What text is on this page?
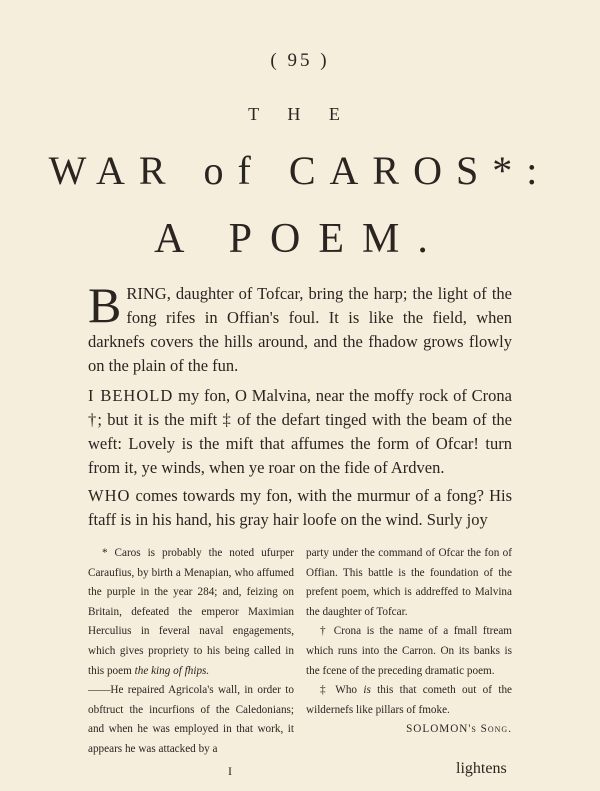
( 95 )
T H E
WAR of CAROS*:
A POEM.

BRING, daughter of Tofcar, bring the harp; the light of the fong rifes in Offian's foul. It is like the field, when darknefs covers the hills around, and the fhadow grows flowly on the plain of the fun.

I BEHOLD my fon, O Malvina, near the moffy rock of Crona †; but it is the mift ‡ of the defart tinged with the beam of the weft: Lovely is the mift that affumes the form of Ofcar! turn from it, ye winds, when ye roar on the fide of Ardven.

WHO comes towards my fon, with the murmur of a fong? His ftaff is in his hand, his gray hair loofe on the wind. Surly joy

* Caros is probably the noted ufurper Caraufius, by birth a Menapian, who affumed the purple in the year 284; and, feizing on Britain, defeated the emperor Maximian Herculius in feveral naval engagements, which gives propriety to his being called in this poem the king of fhips.

——He repaired Agricola's wall, in order to obftruct the incurfions of the Caledonians; and when he was employed in that work, it appears he was attacked by a

party under the command of Ofcar the fon of Offian. This battle is the foundation of the prefent poem, which is addreffed to Malvina the daughter of Tofcar.

† Crona is the name of a fmall ftream which runs into the Carron. On its banks is the fcene of the preceding dramatic poem.

‡ Who is this that cometh out of the wildernefs like pillars of fmoke.

SOLOMON's Song.

I	lightens
